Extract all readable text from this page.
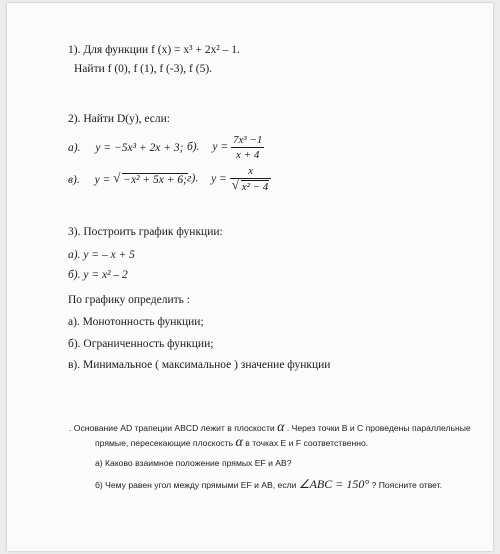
1). Для функции f (x) = x³ + 2x² – 1.
Найти f (0), f (1), f (-3), f (5).
2). Найти D(y), если:
а). y = −5x³ + 2x + 3; б). $y = \frac{\text{7x³ −1}}{x + 4}$
в). y = √ −x² + 5x + 6; г). $y = \frac{x}{\text{√ x² − 4}}$
3). Построить график функции:
а). y = – x + 5
б). y = x² – 2
По графику определить :
а). Монотонность функции;
б). Ограниченность функции;
в). Минимальное ( максимальное ) значение функции
. Основание AD трапеции ABCD лежит в плоскости α . Через точки B и C проведены параллельные
прямые, пересекающие плоскость α в точках E и F соответственно.
а) Каково взаимное положение прямых EF и AB?
б) Чему равен угол между прямыми EF и AB, если ∠ABC = 150° ? Поясните ответ.
